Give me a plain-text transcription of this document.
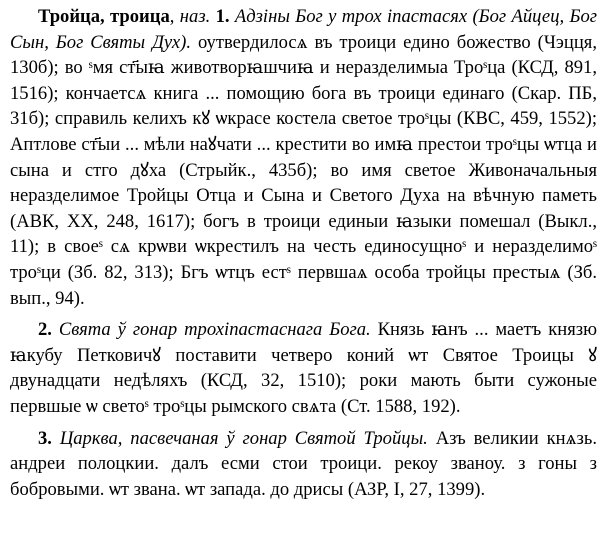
Тройца, троица, наз. 1. Адзіны Бог у трох іпастасях (Бог Айцец, Бог Сын, Бог Святы Дух). оутвердилосѧ въ троици едино божество (Чэцця, 130б); во ˢмя ст҃ыꙗ животворꙗшчиꙗ и неразделимыа Троˢца (КСД, 891, 1516); кончаетсѧ книга ... помощию бога въ троици единаго (Скар. ПБ, 31б); справиль келихъ кꙋ ѡкрасе костела светое троˢцы (КВС, 459, 1552); Аптлове ст҃ыи ... мѣли наꙋчати ... крестити во имꙗ престои троˢцы ѡтца и сына и стго дꙋха (Стрыйк., 435б); во имя светое Живоначальныя неразделимое Тройцы Отца и Сына и Светого Духа на вѣчную паметь (АВК, XX, 248, 1617); богъ в троици единыи ꙗзыки помешал (Выкл., 11); в своеˢ сѧ крѡви ѡкрестилъ на честь единосущноˢ и неразделимоˢ троˢци (Зб. 82, 313); Бгъ ѡтцъ естˢ первшаѧ особа тройцы престыѧ (Зб. вып., 94).

2. Свята ў гонар трохіпастаснага Бога. Князь ꙗнъ ... маетъ князю ꙗкубу Петковичꙋ поставити четверо коний ѡт Святое Троицы ꙋ двунадцати недѣляхъ (КСД, 32, 1510); роки мають быти сужоные первшые ѡ светоˢ троˢцы рымского свѧта (Ст. 1588, 192).

3. Царква, пасвечаная ў гонар Святой Тройцы. Азъ великии кнѧзь. андреи полоцкии. далъ есми стои троици. рекоу званоу. з гоны з бобровыми. ѡт звана. ѡт запада. до дрисы (АЗР, I, 27, 1399).
